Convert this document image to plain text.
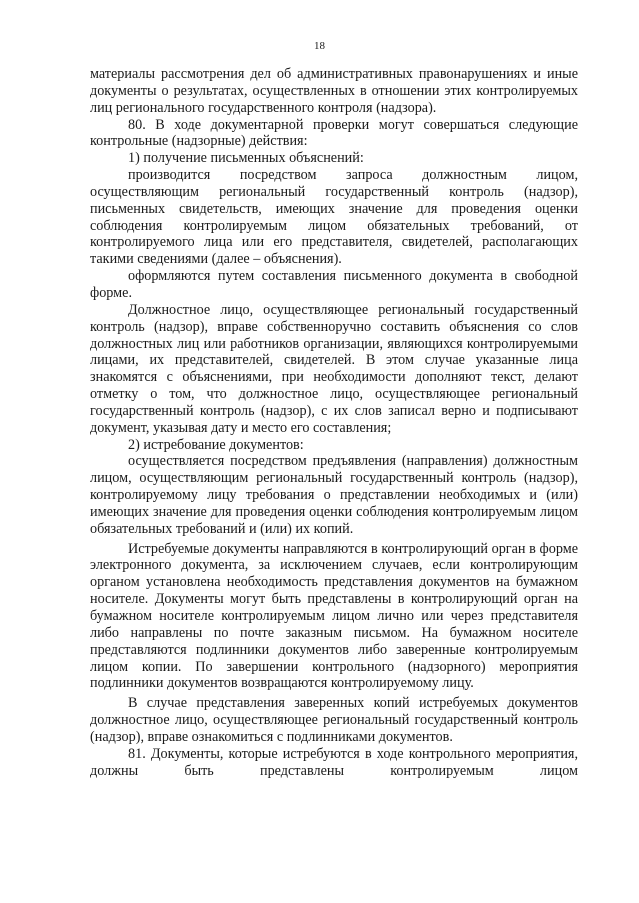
18

материалы рассмотрения дел об административных правонарушениях и иные документы о результатах, осуществленных в отношении этих контролируемых лиц регионального государственного контроля (надзора).

80. В ходе документарной проверки могут совершаться следующие контрольные (надзорные) действия:

1) получение письменных объяснений:

производится посредством запроса должностным лицом, осуществляющим региональный государственный контроль (надзор), письменных свидетельств, имеющих значение для проведения оценки соблюдения контролируемым лицом обязательных требований, от контролируемого лица или его представителя, свидетелей, располагающих такими сведениями (далее – объяснения).

оформляются путем составления письменного документа в свободной форме.

Должностное лицо, осуществляющее региональный государственный контроль (надзор), вправе собственноручно составить объяснения со слов должностных лиц или работников организации, являющихся контролируемыми лицами, их представителей, свидетелей. В этом случае указанные лица знакомятся с объяснениями, при необходимости дополняют текст, делают отметку о том, что должностное лицо, осуществляющее региональный государственный контроль (надзор), с их слов записал верно и подписывают документ, указывая дату и место его составления;

2) истребование документов:

осуществляется посредством предъявления (направления) должностным лицом, осуществляющим региональный государственный контроль (надзор), контролируемому лицу требования о представлении необходимых и (или) имеющих значение для проведения оценки соблюдения контролируемым лицом обязательных требований и (или) их копий.

Истребуемые документы направляются в контролирующий орган в форме электронного документа, за исключением случаев, если контролирующим органом установлена необходимость представления документов на бумажном носителе. Документы могут быть представлены в контролирующий орган на бумажном носителе контролируемым лицом лично или через представителя либо направлены по почте заказным письмом. На бумажном носителе представляются подлинники документов либо заверенные контролируемым лицом копии. По завершении контрольного (надзорного) мероприятия подлинники документов возвращаются контролируемому лицу.

В случае представления заверенных копий истребуемых документов должностное лицо, осуществляющее региональный государственный контроль (надзор), вправе ознакомиться с подлинниками документов.

81. Документы, которые истребуются в ходе контрольного мероприятия, должны быть представлены контролируемым лицом
